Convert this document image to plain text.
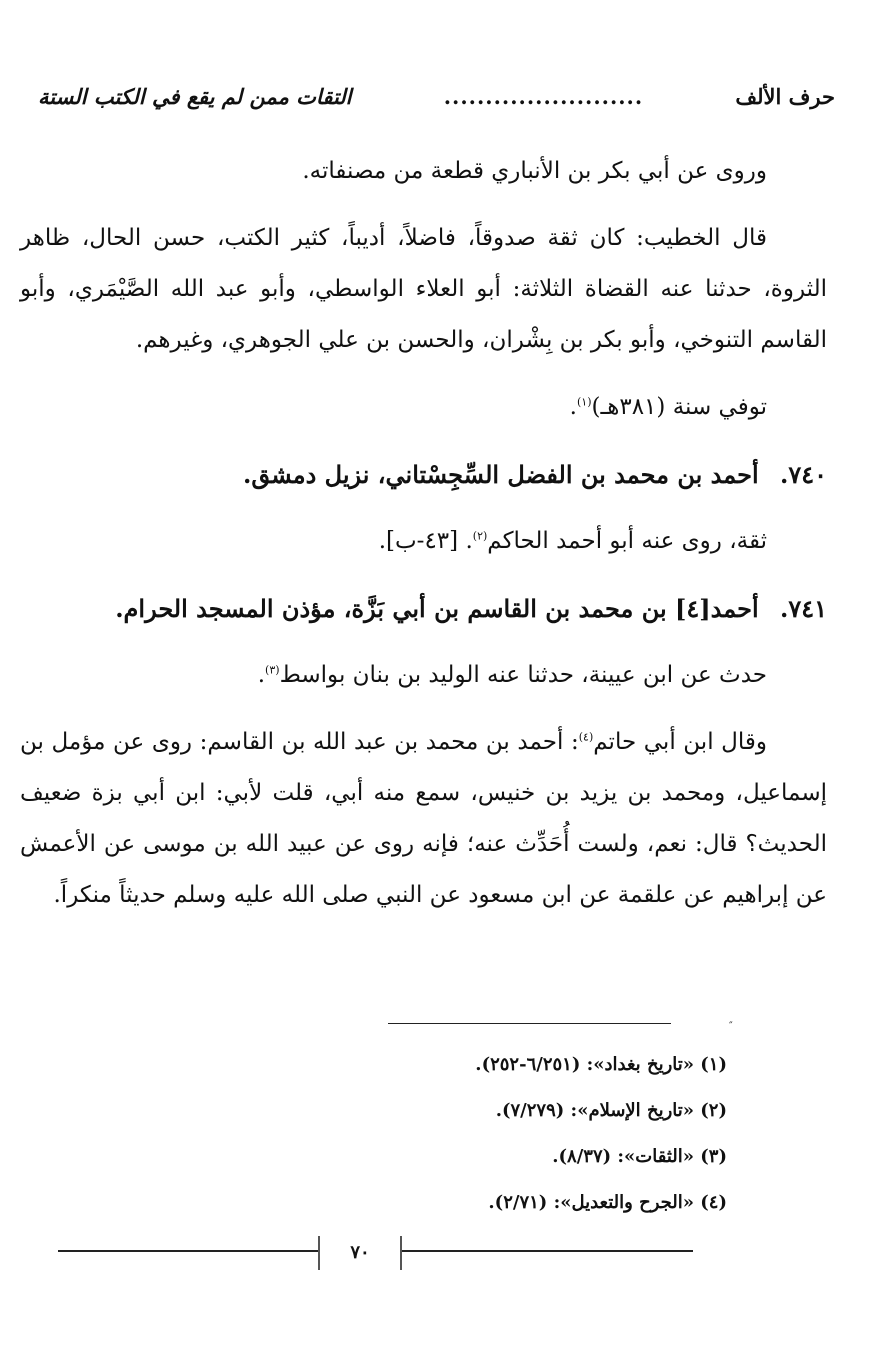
حرف الألف
........................
التقات ممن لم يقع في الكتب الستة

وروى عن أبي بكر بن الأنباري قطعة من مصنفاته.

قال الخطيب: كان ثقة صدوقاً، فاضلاً، أديباً، كثير الكتب، حسن الحال، ظاهر الثروة، حدثنا عنه القضاة الثلاثة: أبو العلاء الواسطي، وأبو عبد الله الصَّيْمَري، وأبو القاسم التنوخي، وأبو بكر بن بِشْران، والحسن بن علي الجوهري، وغيرهم.

توفي سنة (٣٨١هـ)$^{(١)}$.

٧٤٠. أحمد بن محمد بن الفضل السِّجِسْتاني، نزيل دمشق.

ثقة، روى عنه أبو أحمد الحاكم$^{(٢)}$. [٤٣-ب].

٧٤١. أحمد[٤] بن محمد بن القاسم بن أبي بَزَّة، مؤذن المسجد الحرام.

حدث عن ابن عيينة، حدثنا عنه الوليد بن بنان بواسط$^{(٣)}$.

وقال ابن أبي حاتم$^{(٤)}$: أحمد بن محمد بن عبد الله بن القاسم: روى عن مؤمل بن إسماعيل، ومحمد بن يزيد بن خنيس، سمع منه أبي، قلت لأبي: ابن أبي بزة ضعيف الحديث؟ قال: نعم، ولست أُحَدِّث عنه؛ فإنه روى عن عبيد الله بن موسى عن الأعمش عن إبراهيم عن علقمة عن ابن مسعود عن النبي صلى الله عليه وسلم حديثاً منكراً.

″
(١) «تاريخ بغداد»: (٦/٢٥١-٢٥٢).
(٢) «تاريخ الإسلام»: (٧/٢٧٩).
(٣) «الثقات»: (٨/٣٧).
(٤) «الجرح والتعديل»: (٢/٧١).
٧٠
